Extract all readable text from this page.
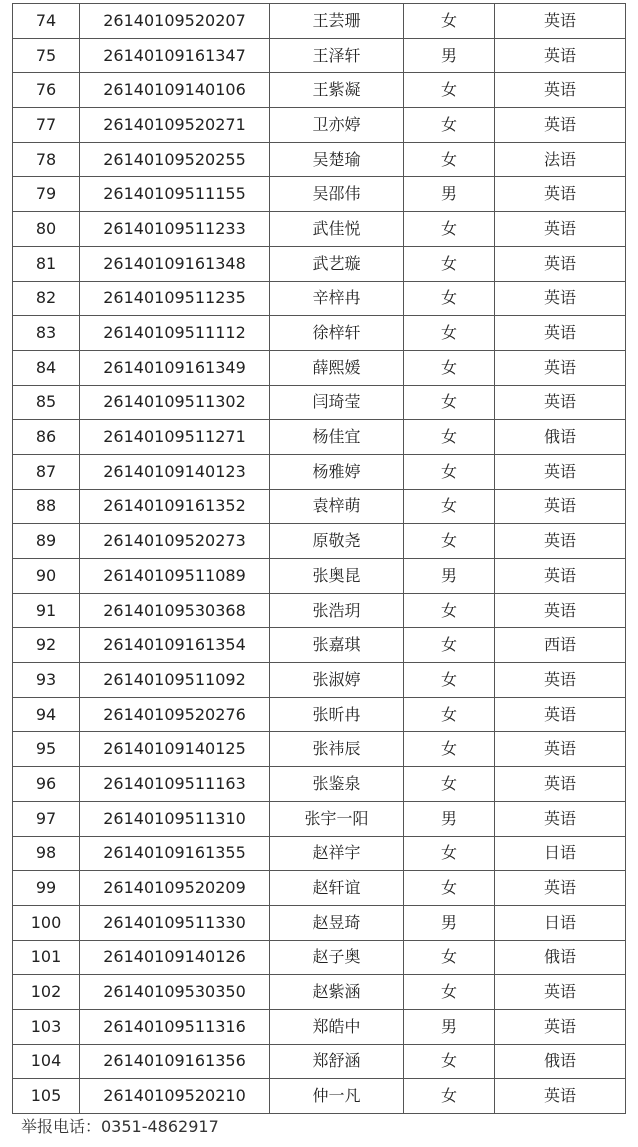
74	26140109520207	王芸珊	女	英语
75	26140109161347	王泽轩	男	英语
76	26140109140106	王紫凝	女	英语
77	26140109520271	卫亦婷	女	英语
78	26140109520255	吴楚瑜	女	法语
79	26140109511155	吴邵伟	男	英语
80	26140109511233	武佳悦	女	英语
81	26140109161348	武艺璇	女	英语
82	26140109511235	辛梓冉	女	英语
83	26140109511112	徐梓轩	女	英语
84	26140109161349	薛熙媛	女	英语
85	26140109511302	闫琦莹	女	英语
86	26140109511271	杨佳宜	女	俄语
87	26140109140123	杨雅婷	女	英语
88	26140109161352	袁梓萌	女	英语
89	26140109520273	原敬尧	女	英语
90	26140109511089	张奥昆	男	英语
91	26140109530368	张浩玥	女	英语
92	26140109161354	张嘉琪	女	西语
93	26140109511092	张淑婷	女	英语
94	26140109520276	张昕冉	女	英语
95	26140109140125	张祎辰	女	英语
96	26140109511163	张鉴泉	女	英语
97	26140109511310	张宇一阳	男	英语
98	26140109161355	赵祥宇	女	日语
99	26140109520209	赵轩谊	女	英语
100	26140109511330	赵昱琦	男	日语
101	26140109140126	赵子奥	女	俄语
102	26140109530350	赵紫涵	女	英语
103	26140109511316	郑皓中	男	英语
104	26140109161356	郑舒涵	女	俄语
105	26140109520210	仲一凡	女	英语
举报电话：0351-4862917
